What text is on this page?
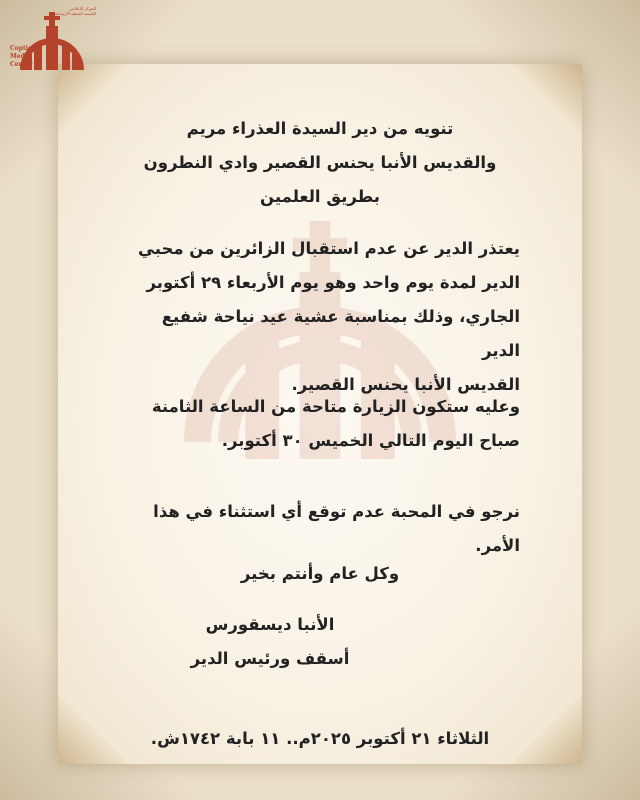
المركز الإعلامي
للكنيسة القبطية الأرثوذكسية
Coptic
Media
Center
تنويه من دير السيدة العذراء مريم
والقديس الأنبا يحنس القصير وادي النطرون
بطريق العلمين
يعتذر الدير عن عدم استقبال الزائرين من محبي
الدير لمدة يوم واحد وهو يوم الأربعاء ٢٩ أكتوبر
الجاري، وذلك بمناسبة عشية عيد نياحة شفيع الدير
القديس الأنبا يحنس القصير.
وعليه ستكون الزيارة متاحة من الساعة الثامنة
صباح اليوم التالي الخميس ٣٠ أكتوبر.
نرجو في المحبة عدم توقع أي استثناء في هذا الأمر.
وكل عام وأنتم بخير
الأنبا ديسقورس
أسقف ورئيس الدير
الثلاثاء ٢١ أكتوبر ٢٠٢٥م.. ١١ بابة ١٧٤٢ش.
